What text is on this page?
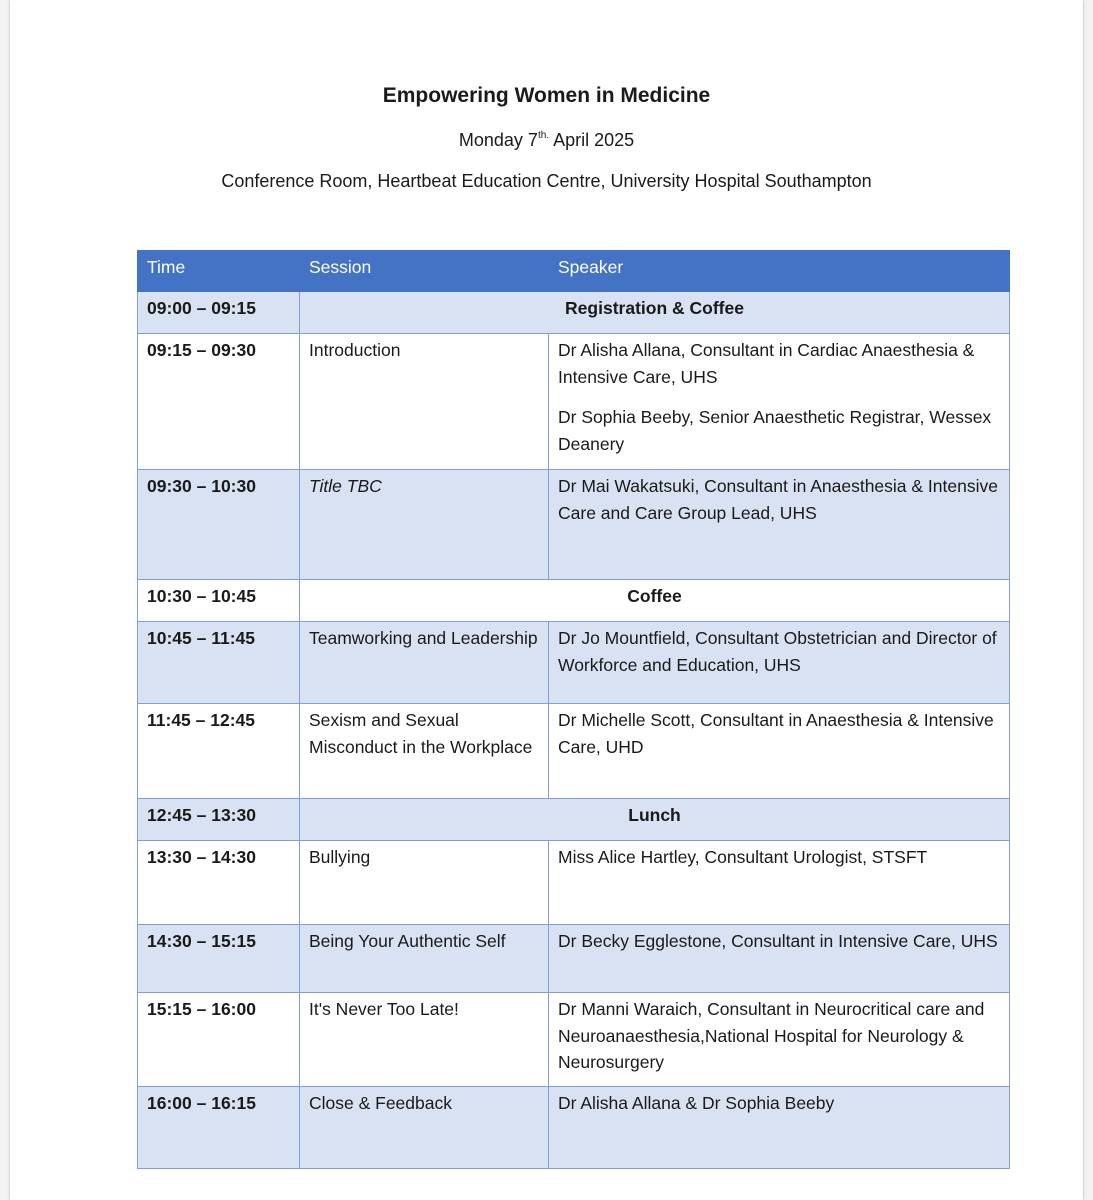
Empowering Women in Medicine
Monday $7^{th.}$ April 2025
Conference Room, Heartbeat Education Centre, University Hospital Southampton
Time	Session	Speaker
09:00 – 09:15	Registration & Coffee	
09:15 – 09:30	Introduction	Dr Alisha Allana, Consultant in Cardiac Anaesthesia & Intensive Care, UHS
Dr Sophia Beeby, Senior Anaesthetic Registrar, Wessex Deanery

09:30 – 10:30	Title TBC	Dr Mai Wakatsuki, Consultant in Anaesthesia & Intensive Care and Care Group Lead, UHS
10:30 – 10:45	Coffee	
10:45 – 11:45	Teamworking and Leadership	Dr Jo Mountfield, Consultant Obstetrician and Director of Workforce and Education, UHS
11:45 – 12:45	Sexism and Sexual Misconduct in the Workplace	Dr Michelle Scott, Consultant in Anaesthesia & Intensive Care, UHD
12:45 – 13:30	Lunch	
13:30 – 14:30	Bullying	Miss Alice Hartley, Consultant Urologist, STSFT
14:30 – 15:15	Being Your Authentic Self	Dr Becky Egglestone, Consultant in Intensive Care, UHS
15:15 – 16:00	It's Never Too Late!	Dr Manni Waraich, Consultant in Neurocritical care and Neuroanaesthesia,National Hospital for Neurology & Neurosurgery
16:00 – 16:15	Close & Feedback	Dr Alisha Allana & Dr Sophia Beeby
